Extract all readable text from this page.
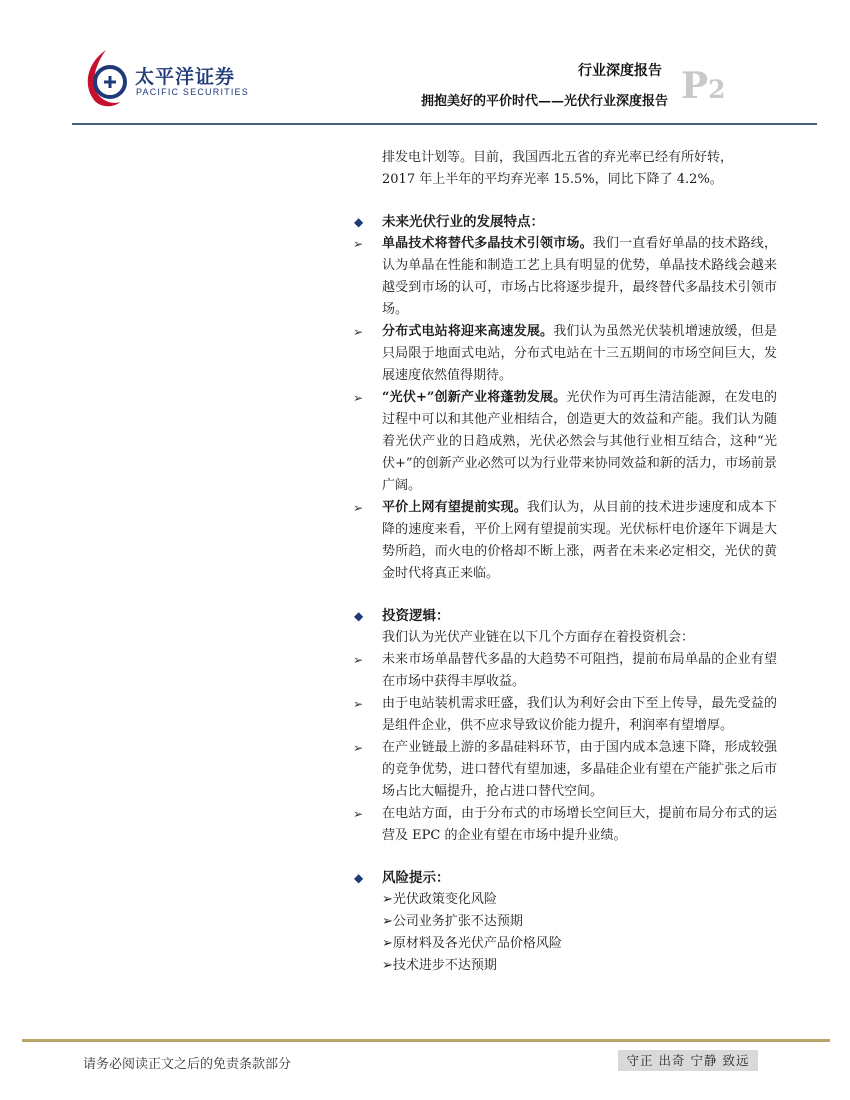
太平洋证券
PACIFIC SECURITIES
行业深度报告
拥抱美好的平价时代——光伏行业深度报告 P2
排发电计划等。目前，我国西北五省的弃光率已经有所好转，
2017 年上半年的平均弃光率 15.5%，同比下降了 4.2%。
◆ 未来光伏行业的发展特点：
➢ 单晶技术将替代多晶技术引领市场。我们一直看好单晶的技术路线，认为单晶在性能和制造工艺上具有明显的优势，单晶技术路线会越来越受到市场的认可，市场占比将逐步提升，最终替代多晶技术引领市场。
➢ 分布式电站将迎来高速发展。我们认为虽然光伏装机增速放缓，但是只局限于地面式电站，分布式电站在十三五期间的市场空间巨大，发展速度依然值得期待。
➢ “光伏+”创新产业将蓬勃发展。光伏作为可再生清洁能源，在发电的过程中可以和其他产业相结合，创造更大的效益和产能。我们认为随着光伏产业的日趋成熟，光伏必然会与其他行业相互结合，这种“光伏+”的创新产业必然可以为行业带来协同效益和新的活力，市场前景广阔。
➢ 平价上网有望提前实现。我们认为，从目前的技术进步速度和成本下降的速度来看，平价上网有望提前实现。光伏标杆电价逐年下调是大势所趋，而火电的价格却不断上涨，两者在未来必定相交，光伏的黄金时代将真正来临。
◆ 投资逻辑：
我们认为光伏产业链在以下几个方面存在着投资机会：
➢ 未来市场单晶替代多晶的大趋势不可阻挡，提前布局单晶的企业有望在市场中获得丰厚收益。
➢ 由于电站装机需求旺盛，我们认为利好会由下至上传导，最先受益的是组件企业，供不应求导致议价能力提升，利润率有望增厚。
➢ 在产业链最上游的多晶硅料环节，由于国内成本急速下降，形成较强的竞争优势，进口替代有望加速，多晶硅企业有望在产能扩张之后市场占比大幅提升，抢占进口替代空间。
➢ 在电站方面，由于分布式的市场增长空间巨大，提前布局分布式的运营及 EPC 的企业有望在市场中提升业绩。
◆ 风险提示：
➢光伏政策变化风险
➢公司业务扩张不达预期
➢原材料及各光伏产品价格风险
➢技术进步不达预期
请务必阅读正文之后的免责条款部分	守正 出奇 宁静 致远
